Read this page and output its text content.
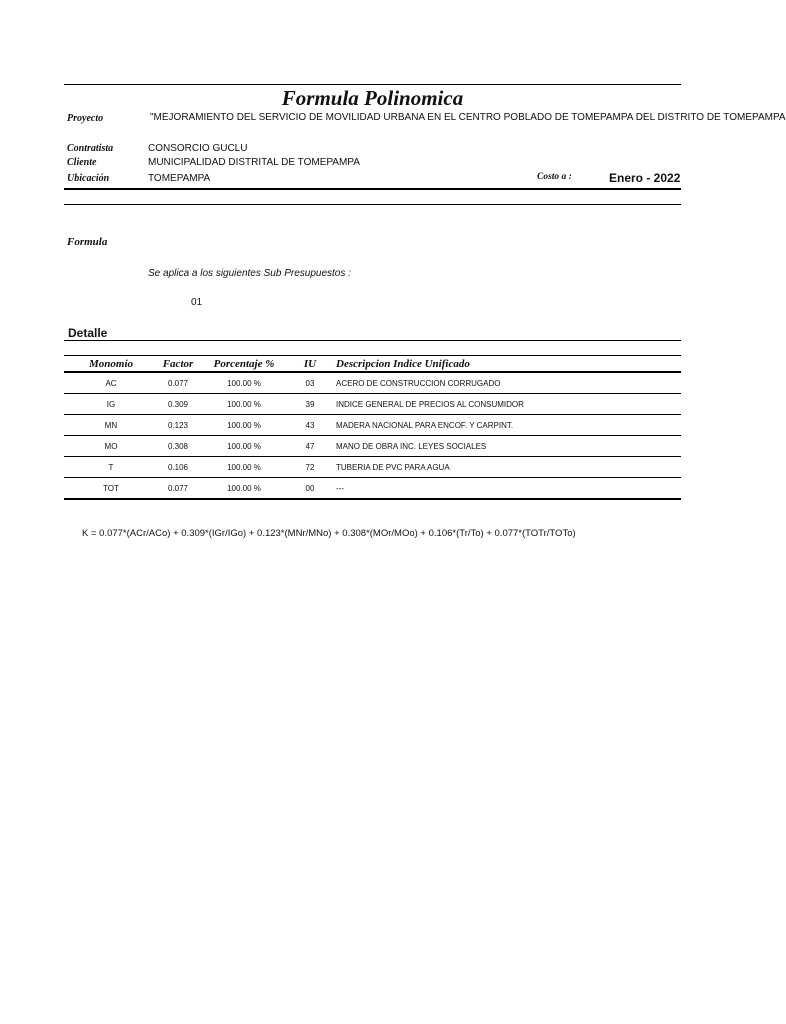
Formula Polinomica
Proyecto	"MEJORAMIENTO DEL SERVICIO DE MOVILIDAD URBANA EN EL CENTRO POBLADO DE TOMEPAMPA DEL DISTRITO DE TOMEPAMPA
Contratista	CONSORCIO GUCLU
Cliente	MUNICIPALIDAD DISTRITAL DE TOMEPAMPA
Ubicación	TOMEPAMPA	Costo a :	Enero - 2022
Formula
Se aplica a los siguientes Sub Presupuestos :
01
Detalle
Monomio	Factor	Porcentaje %	IU	Descripcion Indice Unificado
AC	0.077	100.00 %	03	ACERO DE CONSTRUCCION CORRUGADO
IG	0.309	100.00 %	39	INDICE GENERAL DE PRECIOS AL CONSUMIDOR
MN	0.123	100.00 %	43	MADERA NACIONAL PARA ENCOF. Y CARPINT.
MO	0.308	100.00 %	47	MANO DE OBRA INC. LEYES SOCIALES
T	0.106	100.00 %	72	TUBERIA DE PVC PARA AGUA
TOT	0.077	100.00 %	00	---
K = 0.077*(ACr/ACo) + 0.309*(IGr/IGo) + 0.123*(MNr/MNo) + 0.308*(MOr/MOo) + 0.106*(Tr/To) + 0.077*(TOTr/TOTo)
